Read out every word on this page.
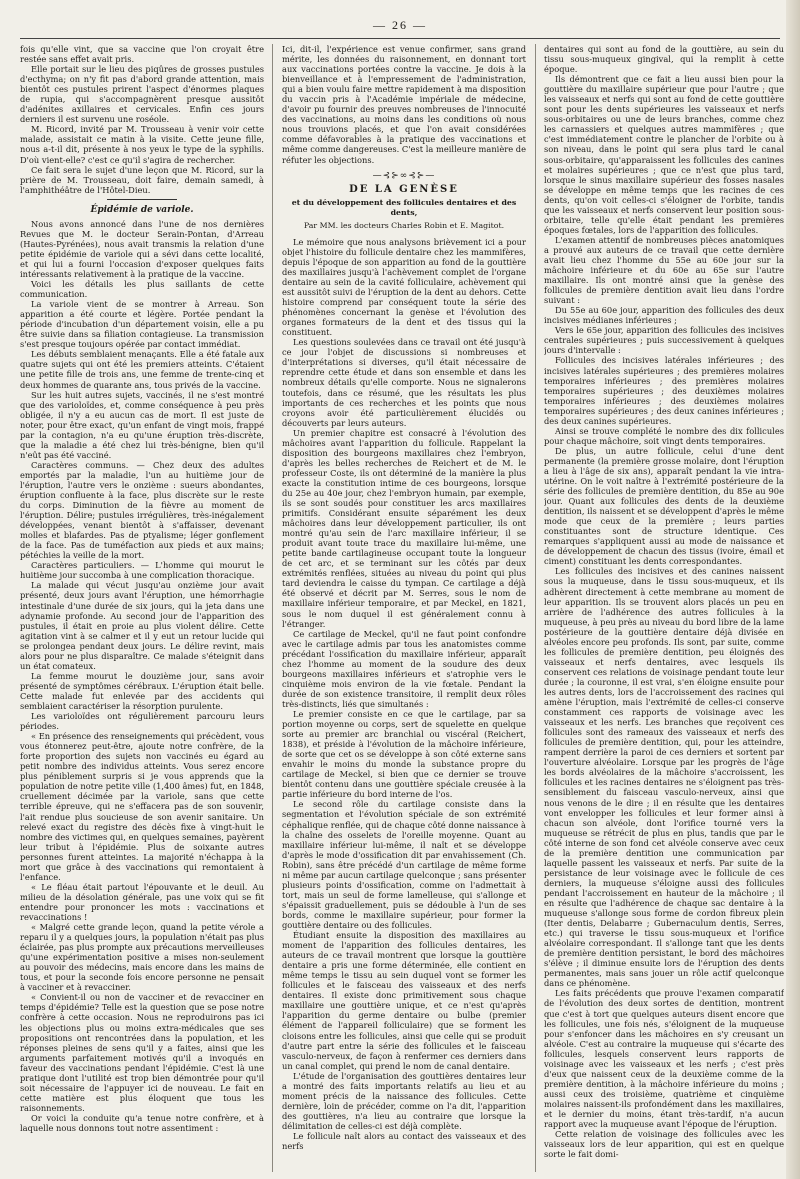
— 26 —

fois qu'elle vint, que sa vaccine que l'on croyait être restée sans effet avait pris.

Elle portait sur le lieu des piqûres de grosses pustules d'ecthyma; on n'y fit pas d'abord grande attention, mais bientôt ces pustules prirent l'aspect d'énormes plaques de rupia, qui s'accompagnèrent presque aussitôt d'adénites axillaires et cervicales. Enfin ces jours derniers il est survenu une roséole.

M. Ricord, invité par M. Trousseau à venir voir cette malade, assistait ce matin à la visite. Cette jeune fille, nous a-t-il dit, présente à nos yeux le type de la syphilis. D'où vient-elle? c'est ce qu'il s'agira de rechercher.

Ce fait sera le sujet d'une leçon que M. Ricord, sur la prière de M. Trousseau, doit faire, demain samedi, à l'amphithéâtre de l'Hôtel-Dieu.

Épidémie de variole.

Nous avons annoncé dans l'une de nos dernières Revues que M. le docteur Serain-Pontan, d'Arreau (Hautes-Pyrénées), nous avait transmis la relation d'une petite épidémie de variole qui a sévi dans cette localité, et qui lui a fourni l'occasion d'exposer quelques faits intéressants relativement à la pratique de la vaccine.

Voici les détails les plus saillants de cette communication.

La variole vient de se montrer à Arreau. Son apparition a été courte et légère. Portée pendant la période d'incubation d'un département voisin, elle a pu être suivie dans sa filiation contagieuse. La transmission s'est presque toujours opérée par contact immédiat.

Les débuts semblaient menaçants. Elle a été fatale aux quatre sujets qui ont été les premiers atteints. C'étaient une petite fille de trois ans, une femme de trente-cinq et deux hommes de quarante ans, tous privés de la vaccine.

Sur les huit autres sujets, vaccinés, il ne s'est montré que des varioloïdes, et, comme conséquence à peu près obligée, il n'y a eu aucun cas de mort. Il est juste de noter, pour être exact, qu'un enfant de vingt mois, frappé par la contagion, n'a eu qu'une éruption très-discrète, que la maladie a été chez lui très-bénigne, bien qu'il n'eût pas été vacciné.

Caractères communs. — Chez deux des adultes emportés par la maladie, l'un au huitième jour de l'éruption, l'autre vers le onzième : sueurs abondantes, éruption confluente à la face, plus discrète sur le reste du corps. Diminution de la fièvre au moment de l'éruption. Délire; pustules irrégulières, très-inégalement développées, venant bientôt à s'affaisser, devenant molles et blafardes. Pas de ptyalisme; léger gonflement de la face. Pas de tuméfaction aux pieds et aux mains; pétéchies la veille de la mort.

Caractères particuliers. — L'homme qui mourut le huitième jour succomba à une complication thoracique.

La malade qui vécut jusqu'au onzième jour avait présenté, deux jours avant l'éruption, une hémorrhagie intestinale d'une durée de six jours, qui la jeta dans une adynamie profonde. Au second jour de l'apparition des pustules, il était en proie au plus violent délire. Cette agitation vint à se calmer et il y eut un retour lucide qui se prolongea pendant deux jours. Le délire revint, mais alors pour ne plus disparaître. Ce malade s'éteignit dans un état comateux.

La femme mourut le douzième jour, sans avoir présenté de symptômes cérébraux. L'éruption était belle. Cette malade fut enlevée par des accidents qui semblaient caractériser la résorption purulente.

Les varioloïdes ont régulièrement parcouru leurs périodes.

« En présence des renseignements qui précèdent, vous vous étonnerez peut-être, ajoute notre confrère, de la forte proportion des sujets non vaccinés eu égard au petit nombre des individus atteints. Vous serez encore plus péniblement surpris si je vous apprends que la population de notre petite ville (1,400 âmes) fut, en 1848, cruellement décimée par la variole, sans que cette terrible épreuve, qui ne s'effacera pas de son souvenir, l'ait rendue plus soucieuse de son avenir sanitaire. Un relevé exact du registre des décès fixe à vingt-huit le nombre des victimes qui, en quelques semaines, payèrent leur tribut à l'épidémie. Plus de soixante autres personnes furent atteintes. La majorité n'échappa à la mort que grâce à des vaccinations qui remontaient à l'enfance.

« Le fléau était partout l'épouvante et le deuil. Au milieu de la désolation générale, pas une voix qui se fit entendre pour prononcer les mots : vaccinations et revaccinations !

« Malgré cette grande leçon, quand la petite vérole a reparu il y a quelques jours, la population n'était pas plus éclairée, pas plus prompte aux précautions merveilleuses qu'une expérimentation positive a mises non-seulement au pouvoir des médecins, mais encore dans les mains de tous, et pour la seconde fois encore personne ne pensait à vacciner et à revacciner.

« Convient-il ou non de vacciner et de revacciner en temps d'épidémie? Telle est la question que se pose notre confrère à cette occasion. Nous ne reproduirons pas ici les objections plus ou moins extra-médicales que ses propositions ont rencontrées dans la population, et les réponses pleines de sens qu'il y a faites, ainsi que les arguments parfaitement motivés qu'il a invoqués en faveur des vaccinations pendant l'épidémie. C'est là une pratique dont l'utilité est trop bien démontrée pour qu'il soit nécessaire de l'appuyer ici de nouveau. Le fait en cette matière est plus éloquent que tous les raisonnements.

Or voici la conduite qu'a tenue notre confrère, et à laquelle nous donnons tout notre assentiment :

Ici, dit-il, l'expérience est venue confirmer, sans grand mérite, les données du raisonnement, en donnant tort aux vaccinations portées contre la vaccine. Je dois à la bienveillance et à l'empressement de l'administration, qui a bien voulu faire mettre rapidement à ma disposition du vaccin pris à l'Académie impériale de médecine, d'avoir pu fournir des preuves nombreuses de l'innocuité des vaccinations, au moins dans les conditions où nous nous trouvions placés, et que l'on avait considérées comme défavorables à la pratique des vaccinations et même comme dangereuses. C'est la meilleure manière de réfuter les objections.

—⊰⊱∞⊰⊱—
DE LA GENÈSE
et du développement des follicules dentaires et des dents,
Par MM. les docteurs Charles Robin et E. Magitot.

Le mémoire que nous analysons brièvement ici a pour objet l'histoire du follicule dentaire chez les mammifères, depuis l'époque de son apparition au fond de la gouttière des maxillaires jusqu'à l'achèvement complet de l'organe dentaire au sein de la cavité folliculaire, achèvement qui est aussitôt suivi de l'éruption de la dent au dehors. Cette histoire comprend par conséquent toute la série des phénomènes concernant la genèse et l'évolution des organes formateurs de la dent et des tissus qui la constituent.

Les questions soulevées dans ce travail ont été jusqu'à ce jour l'objet de discussions si nombreuses et d'interprétations si diverses, qu'il était nécessaire de reprendre cette étude et dans son ensemble et dans les nombreux détails qu'elle comporte. Nous ne signalerons toutefois, dans ce résumé, que les résultats les plus importants de ces recherches et les points que nous croyons avoir été particulièrement élucidés ou découverts par leurs auteurs.

Un premier chapitre est consacré à l'évolution des mâchoires avant l'apparition du follicule. Rappelant la disposition des bourgeons maxillaires chez l'embryon, d'après les belles recherches de Reichert et de M. le professeur Coste, ils ont déterminé de la manière la plus exacte la constitution intime de ces bourgeons, lorsque du 25e au 40e jour, chez l'embryon humain, par exemple, ils se sont soudés pour constituer les arcs maxillaires primitifs. Considérant ensuite séparément les deux mâchoires dans leur développement particulier, ils ont montré qu'au sein de l'arc maxillaire inférieur, il se produit avant toute trace du maxillaire lui-même, une petite bande cartilagineuse occupant toute la longueur de cet arc, et se terminant sur les côtés par deux extrémités renflées, situées au niveau du point qui plus tard deviendra le caisse du tympan. Ce cartilage a déjà été observé et décrit par M. Serres, sous le nom de maxillaire inférieur temporaire, et par Meckel, en 1821, sous le nom duquel il est généralement connu à l'étranger.

Ce cartilage de Meckel, qu'il ne faut point confondre avec le cartilage admis par tous les anatomistes comme précédant l'ossification du maxillaire inférieur, apparaît chez l'homme au moment de la soudure des deux bourgeons maxillaires inférieurs et s'atrophie vers le cinquième mois environ de la vie fœtale. Pendant la durée de son existence transitoire, il remplit deux rôles très-distincts, liés que simultanés :

Le premier consiste en ce que le cartilage, par sa portion moyenne ou corps, sert de squelette en quelque sorte au premier arc branchial ou viscéral (Reichert, 1838), et préside à l'évolution de la mâchoire inférieure, de sorte que cet os se développe à son côté externe sans envahir le moins du monde la substance propre du cartilage de Meckel, si bien que ce dernier se trouve bientôt contenu dans une gouttière spéciale creusée à la partie inférieure du bord interne de l'os.

Le second rôle du cartilage consiste dans la segmentation et l'évolution spéciale de son extrémité céphalique renflée, qui de chaque côté donne naissance à la chaîne des osselets de l'oreille moyenne. Quant au maxillaire inférieur lui-même, il naît et se développe d'après le mode d'ossification dit par envahissement (Ch. Robin), sans être précédé d'un cartilage de même forme ni même par aucun cartilage quelconque ; sans présenter plusieurs points d'ossification, comme on l'admettait à tort, mais un seul de forme lamelleuse, qui s'allonge et s'épaissit graduellement, puis se dédouble à l'un de ses bords, comme le maxillaire supérieur, pour former la gouttière dentaire ou des follicules.

Étudiant ensuite la disposition des maxillaires au moment de l'apparition des follicules dentaires, les auteurs de ce travail montrent que lorsque la gouttière dentaire a pris une forme déterminée, elle contient en même temps le tissu au sein duquel vont se former les follicules et le faisceau des vaisseaux et des nerfs dentaires. Il existe donc primitivement sous chaque maxillaire une gouttière unique, et ce n'est qu'après l'apparition du germe dentaire ou bulbe (premier élément de l'appareil folliculaire) que se forment les cloisons entre les follicules, ainsi que celle qui se produit d'autre part entre la série des follicules et le faisceau vasculo-nerveux, de façon à renfermer ces derniers dans un canal complet, qui prend le nom de canal dentaire.

L'étude de l'organisation des gouttières dentaires leur a montré des faits importants relatifs au lieu et au moment précis de la naissance des follicules. Cette dernière, loin de précéder, comme on l'a dit, l'apparition des gouttières, n'a lieu au contraire que lorsque la délimitation de celles-ci est déjà complète.

Le follicule naît alors au contact des vaisseaux et des nerfs

dentaires qui sont au fond de la gouttière, au sein du tissu sous-muqueux gingival, qui la remplit à cette époque.

Ils démontrent que ce fait a lieu aussi bien pour la gouttière du maxillaire supérieur que pour l'autre ; que les vaisseaux et nerfs qui sont au fond de cette gouttière sont pour les dents supérieures les vaisseaux et nerfs sous-orbitaires ou une de leurs branches, comme chez les carnassiers et quelques autres mammifères ; que c'est immédiatement contre le plancher de l'orbite ou à son niveau, dans le point qui sera plus tard le canal sous-orbitaire, qu'apparaissent les follicules des canines et molaires supérieures ; que ce n'est que plus tard, lorsque le sinus maxillaire supérieur des fosses nasales se développe en même temps que les racines de ces dents, qu'on voit celles-ci s'éloigner de l'orbite, tandis que les vaisseaux et nerfs conservent leur position sous-orbitaire, telle qu'elle était pendant les premières époques fœtales, lors de l'apparition des follicules.

L'examen attentif de nombreuses pièces anatomiques a prouvé aux auteurs de ce travail que cette dernière avait lieu chez l'homme du 55e au 60e jour sur la mâchoire inférieure et du 60e au 65e sur l'autre maxillaire. Ils ont montré ainsi que la genèse des follicules de première dentition avait lieu dans l'ordre suivant :

Du 55e au 60e jour, apparition des follicules des deux incisives médianes inférieures ;

Vers le 65e jour, apparition des follicules des incisives centrales supérieures ; puis successivement à quelques jours d'intervalle :

Follicules des incisives latérales inférieures ; des incisives latérales supérieures ; des premières molaires temporaires inférieures ; des premières molaires temporaires supérieures ; des deuxièmes molaires temporaires inférieures ; des deuxièmes molaires temporaires supérieures ; des deux canines inférieures ; des deux canines supérieures.

Ainsi se trouve complété le nombre des dix follicules pour chaque mâchoire, soit vingt dents temporaires.

De plus, un autre follicule, celui d'une dent permanente (la première grosse molaire, dont l'éruption a lieu à l'âge de six ans), apparaît pendant la vie intra-utérine. On le voit naître à l'extrémité postérieure de la série des follicules de première dentition, du 85e au 90e jour. Quant aux follicules des dents de la deuxième dentition, ils naissent et se développent d'après le même mode que ceux de la première ; leurs parties constituantes sont de structure identique. Ces remarques s'appliquent aussi au mode de naissance et de développement de chacun des tissus (ivoire, émail et ciment) constituant les dents correspondantes.

Les follicules des incisives et des canines naissent sous la muqueuse, dans le tissu sous-muqueux, et ils adhèrent directement à cette membrane au moment de leur apparition. Ils se trouvent alors placés un peu en arrière de l'adhérence des autres follicules à la muqueuse, à peu près au niveau du bord libre de la lame postérieure de la gouttière dentaire déjà divisée en alvéoles encore peu profonds. Ils sont, par suite, comme les follicules de première dentition, peu éloignés des vaisseaux et nerfs dentaires, avec lesquels ils conservent ces relations de voisinage pendant toute leur durée ; la couronne, il est vrai, s'en éloigne ensuite pour les autres dents, lors de l'accroissement des racines qui amène l'éruption, mais l'extrémité de celles-ci conserve constamment ces rapports de voisinage avec les vaisseaux et les nerfs. Les branches que reçoivent ces follicules sont des rameaux des vaisseaux et nerfs des follicules de première dentition, qui, pour les atteindre, rampent derrière la paroi de ces derniers et sortent par l'ouverture alvéolaire. Lorsque par les progrès de l'âge les bords alvéolaires de la mâchoire s'accroissent, les follicules et les racines dentaires ne s'éloignent pas très-sensiblement du faisceau vasculo-nerveux, ainsi que nous venons de le dire ; il en résulte que les dentaires vont envelopper les follicules et leur former ainsi à chacun son alvéole, dont l'orifice tourné vers la muqueuse se rétrécit de plus en plus, tandis que par le côté interne de son fond cet alvéole conserve avec ceux de la première dentition une communication par laquelle passent les vaisseaux et nerfs. Par suite de la persistance de leur voisinage avec le follicule de ces derniers, la muqueuse s'éloigne aussi des follicules pendant l'accroissement en hauteur de la mâchoire ; il en résulte que l'adhérence de chaque sac dentaire à la muqueuse s'allonge sous forme de cordon fibreux plein (Iter dentis, Delabarre ; Gubernaculum dentis, Serres, etc.) qui traverse le tissu sous-muqueux et l'orifice alvéolaire correspondant. Il s'allonge tant que les dents de première dentition persistant, le bord des mâchoires s'élève ; il diminue ensuite lors de l'éruption des dents permanentes, mais sans jouer un rôle actif quelconque dans ce phénomène.

Les faits précédents que prouve l'examen comparatif de l'évolution des deux sortes de dentition, montrent que c'est à tort que quelques auteurs disent encore que les follicules, une fois nés, s'éloignent de la muqueuse pour s'enfoncer dans les mâchoires en s'y creusant un alvéole. C'est au contraire la muqueuse qui s'écarte des follicules, lesquels conservent leurs rapports de voisinage avec les vaisseaux et les nerfs ; c'est près d'eux que naissent ceux de la deuxième comme de la première dentition, à la mâchoire inférieure du moins ; aussi ceux des troisième, quatrième et cinquième molaires naissent-ils profondément dans les maxillaires, et le dernier du moins, étant très-tardif, n'a aucun rapport avec la muqueuse avant l'époque de l'éruption.

Cette relation de voisinage des follicules avec les vaisseaux lors de leur apparition, qui est en quelque sorte le fait domi-
